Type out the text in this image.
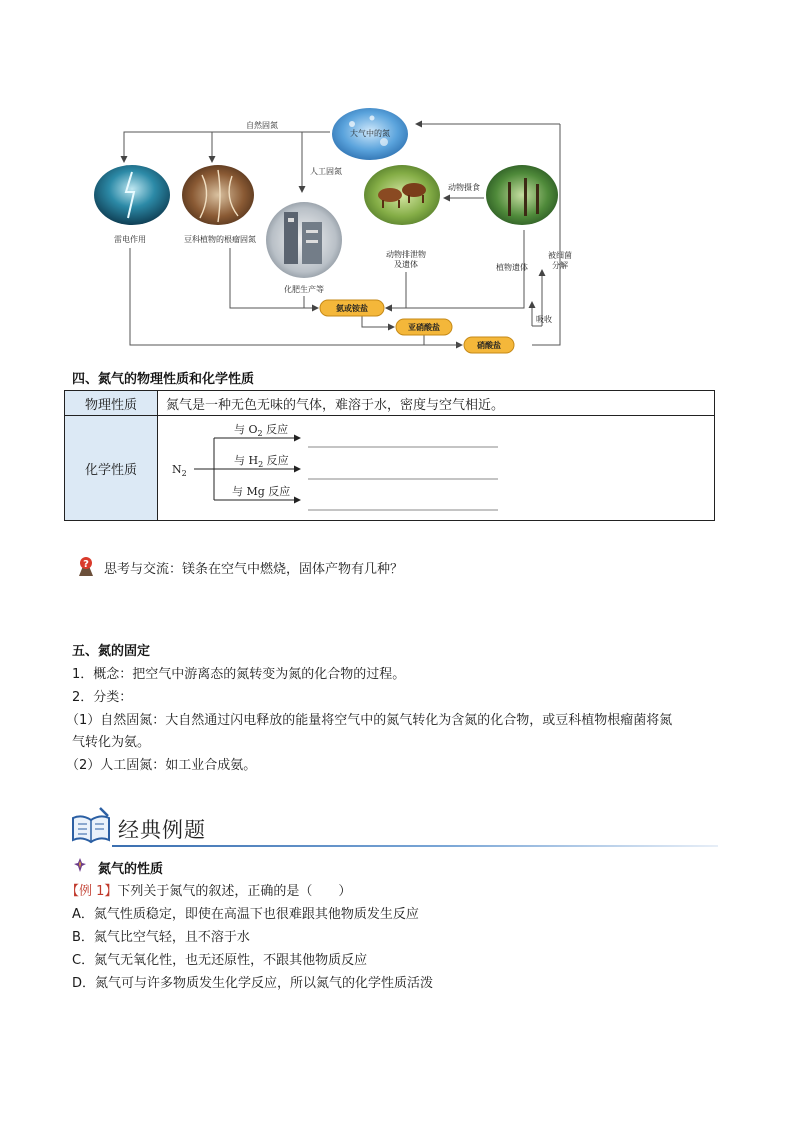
大气中的氮
雷电作用	豆科植物的根瘤固氮
化肥生产等
动物排泄物
及遗体	植物遗体
被细菌
分解
自然固氮
人工固氮
动物摄食
吸收
氨或铵盐
亚硝酸盐
硝酸盐
四、氮气的物理性质和化学性质
物理性质	氮气是一种无色无味的气体，难溶于水，密度与空气相近。
化学性质	$N_2$
与 $O_2$ 反应
与 $H_2$ 反应
与 Mg 反应
? 思考与交流：镁条在空气中燃烧，固体产物有几种？
五、氮的固定
1．概念：把空气中游离态的氮转变为氮的化合物的过程。
2．分类：
（1）自然固氮：大自然通过闪电释放的能量将空气中的氮气转化为含氮的化合物，或豆科植物根瘤菌将氮
气转化为氨。
（2）人工固氮：如工业合成氨。
经典例题
氮气的性质
【例 1】下列关于氮气的叙述，正确的是（　　）
A．氮气性质稳定，即使在高温下也很难跟其他物质发生反应
B．氮气比空气轻，且不溶于水
C．氮气无氧化性，也无还原性，不跟其他物质反应
D．氮气可与许多物质发生化学反应，所以氮气的化学性质活泼
